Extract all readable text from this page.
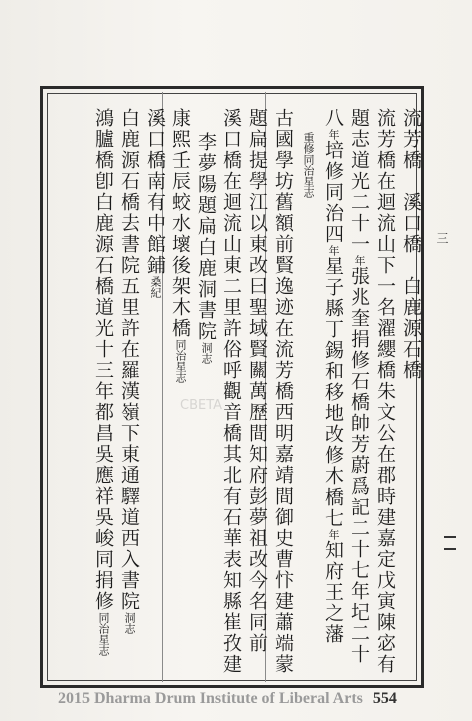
流芳橋　溪口橋　白鹿源石橋
流芳橋在迴流山下一名濯纓橋朱文公在郡時建嘉定戊寅陳宓有
題志道光二十一年張兆奎捐修石橋帥芳蔚爲記二十七年圮二十
八年培修同治四年星子縣丁錫和移地改修木橋七年知府王之藩
重修同治星志
古國學坊舊額前賢逸迹在流芳橋西明嘉靖間御史曹忭建蕭端蒙
題扁提學江以東改曰聖域賢關萬歷間知府彭夢祖改今名同前
溪口橋在迴流山東二里許俗呼觀音橋其北有石華表知縣崔孜建
李夢陽題扁白鹿洞書院洞志
康熙壬辰蛟水壞後架木橋同治星志
溪口橋南有中館鋪桑紀
白鹿源石橋去書院五里許在羅漢嶺下東通驛道西入書院洞志
鴻臚橋卽白鹿源石橋道光十三年都昌吳應祥吳峻同捐修同治星志
三
CBETA
2015 Dharma Drum Institute of Liberal Arts 554
